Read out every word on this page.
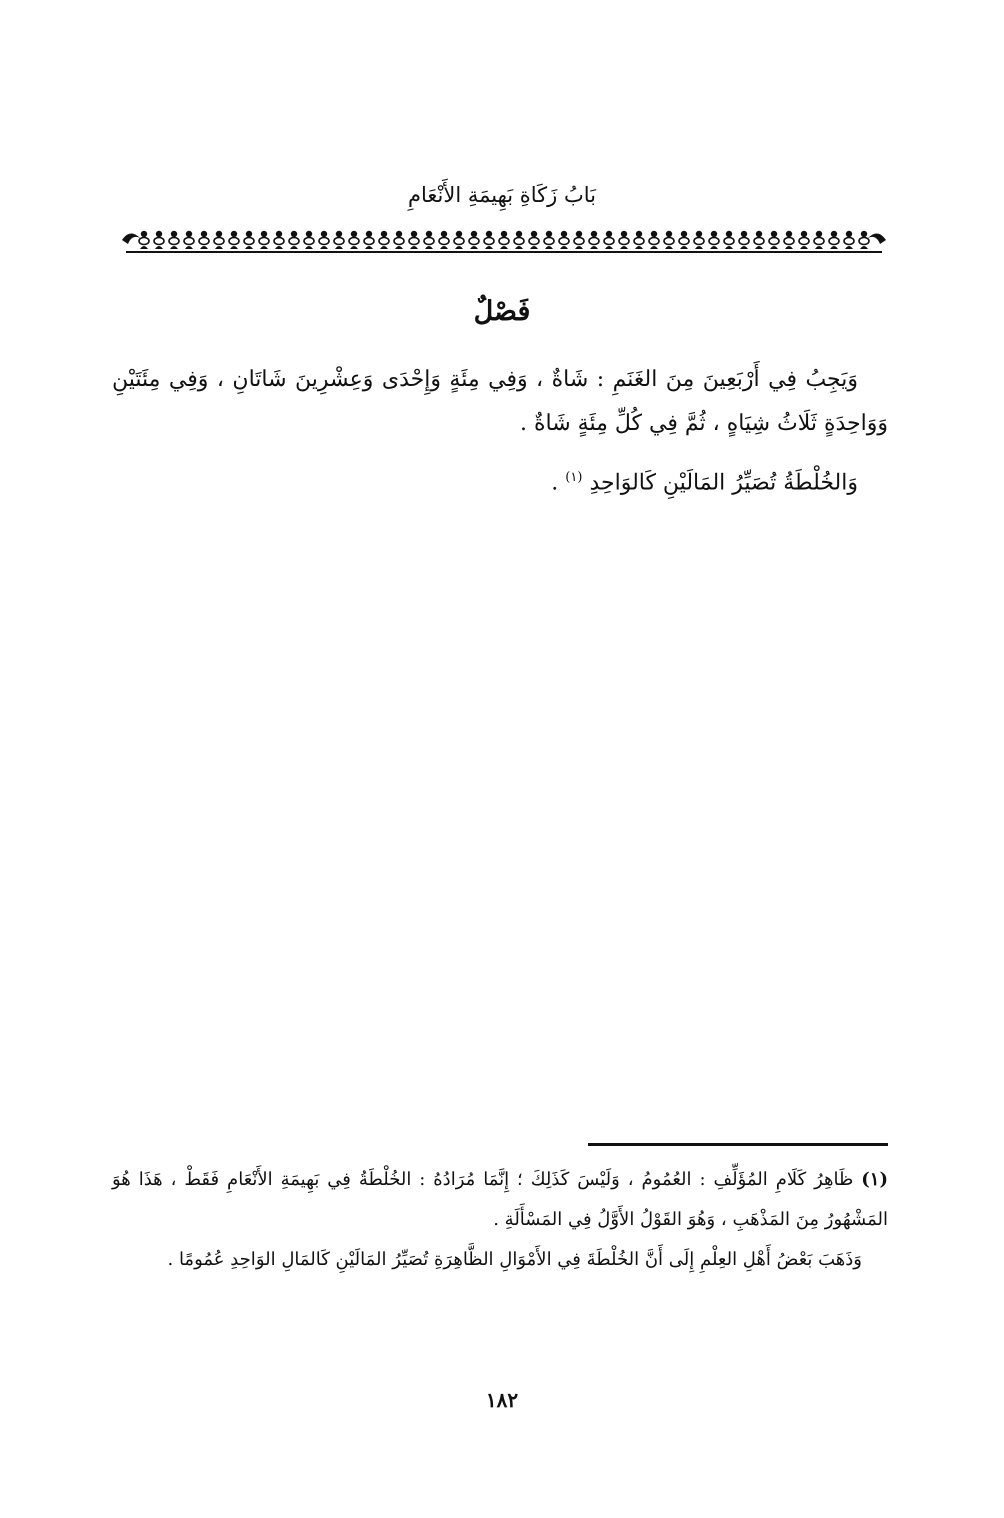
بَابُ زَكَاةِ بَهِيمَةِ الأَنْعَامِ
فَصْلٌ

وَيَجِبُ فِي أَرْبَعِينَ مِنَ الغَنَمِ : شَاةٌ ، وَفِي مِئَةٍ وَإِحْدَى وَعِشْرِينَ شَاتَانِ ، وَفِي مِئَتَيْنِ وَوَاحِدَةٍ ثَلَاثُ شِيَاهٍ ، ثُمَّ فِي كُلِّ مِئَةٍ شَاةٌ .

وَالخُلْطَةُ تُصَيِّرُ المَالَيْنِ كَالوَاحِدِ $^{(١)}$ .

(١) ظَاهِرُ كَلَامِ المُؤَلِّفِ : العُمُومُ ، وَلَيْسَ كَذَلِكَ ؛ إِنَّمَا مُرَادُهُ : الخُلْطَةُ فِي بَهِيمَةِ الأَنْعَامِ فَقَطْ ، هَذَا هُوَ المَشْهُورُ مِنَ المَذْهَبِ ، وَهُوَ القَوْلُ الأَوَّلُ فِي المَسْأَلَةِ .

وَذَهَبَ بَعْضُ أَهْلِ العِلْمِ إِلَى أَنَّ الخُلْطَةَ فِي الأَمْوَالِ الظَّاهِرَةِ تُصَيِّرُ المَالَيْنِ كَالمَالِ الوَاحِدِ عُمُومًا .

١٨٢
